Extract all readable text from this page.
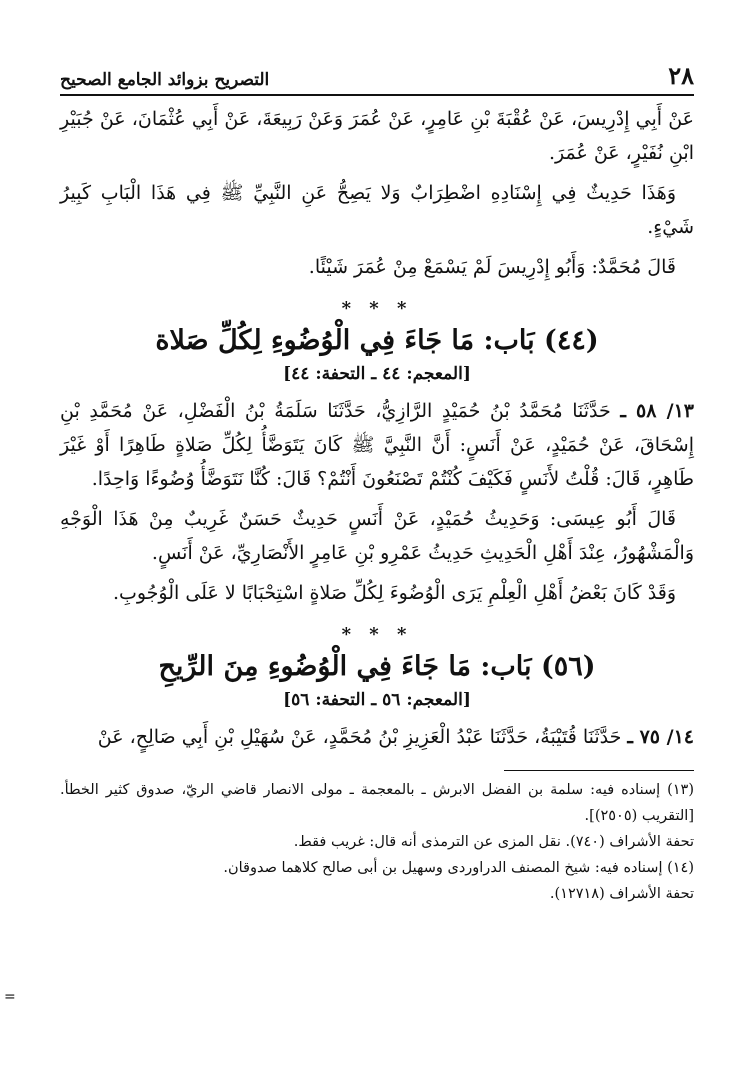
٢٨
التصريح بزوائد الجامع الصحيح

عَنْ أَبِي إِدْرِيسَ، عَنْ عُقْبَةَ بْنِ عَامِرٍ، عَنْ عُمَرَ وَعَنْ رَبِيعَةَ، عَنْ أَبِي عُثْمَانَ، عَنْ جُبَيْرِ ابْنِ نُفَيْرٍ، عَنْ عُمَرَ.

وَهَذَا حَدِيثٌ فِي إِسْنَادِهِ اضْطِرَابٌ وَلا يَصِحُّ عَنِ النَّبِيِّ ﷺ فِي هَذَا الْبَابِ كَبِيرُ شَيْءٍ.

قَالَ مُحَمَّدٌ: وَأَبُو إِدْرِيسَ لَمْ يَسْمَعْ مِنْ عُمَرَ شَيْئًا.

* * *
(٤٤) بَاب: مَا جَاءَ فِي الْوُضُوءِ لِكُلِّ صَلاة
[المعجم: ٤٤ ـ التحفة: ٤٤]

١٣/ ٥٨ ـ حَدَّثَنَا مُحَمَّدُ بْنُ حُمَيْدٍ الرَّازِيُّ، حَدَّثَنَا سَلَمَةُ بْنُ الْفَضْلِ، عَنْ مُحَمَّدِ بْنِ إِسْحَاقَ، عَنْ حُمَيْدٍ، عَنْ أَنَسٍ: أَنَّ النَّبِيَّ ﷺ كَانَ يَتَوَضَّأُ لِكُلِّ صَلاةٍ طَاهِرًا أَوْ غَيْرَ طَاهِرٍ، قَالَ: قُلْتُ لأَنَسٍ فَكَيْفَ كُنْتُمْ تَصْنَعُونَ أَنْتُمْ؟ قَالَ: كُنَّا نَتَوَضَّأُ وُضُوءًا وَاحِدًا.

قَالَ أَبُو عِيسَى: وَحَدِيثُ حُمَيْدٍ، عَنْ أَنَسٍ حَدِيثٌ حَسَنٌ غَرِيبٌ مِنْ هَذَا الْوَجْهِ وَالْمَشْهُورُ، عِنْدَ أَهْلِ الْحَدِيثِ حَدِيثُ عَمْرِو بْنِ عَامِرٍ الأَنْصَارِيِّ، عَنْ أَنَسٍ.

وَقَدْ كَانَ بَعْضُ أَهْلِ الْعِلْمِ يَرَى الْوُضُوءَ لِكُلِّ صَلاةٍ اسْتِحْبَابًا لا عَلَى الْوُجُوبِ.

* * *
(٥٦) بَاب: مَا جَاءَ فِي الْوُضُوءِ مِنَ الرِّيحِ
[المعجم: ٥٦ ـ التحفة: ٥٦]

١٤/ ٧٥ ـ حَدَّثَنَا قُتَيْبَةُ، حَدَّثَنَا عَبْدُ الْعَزِيزِ بْنُ مُحَمَّدٍ، عَنْ سُهَيْلِ بْنِ أَبِي صَالِحٍ، عَنْ

(١٣) إسناده فيه: سلمة بن الفضل الابرش ـ بالمعجمة ـ مولى الانصار قاضي الريّ، صدوق كثير الخطأ. [التقريب (٢٥٠٥)].
تحفة الأشراف (٧٤٠). نقل المزى عن الترمذى أنه قال: غريب فقط.
(١٤) إسناده فيه: شيخ المصنف الدراوردى وسهيل بن أبى صالح كلاهما صدوقان.
تحفة الأشراف (١٢٧١٨).
=
